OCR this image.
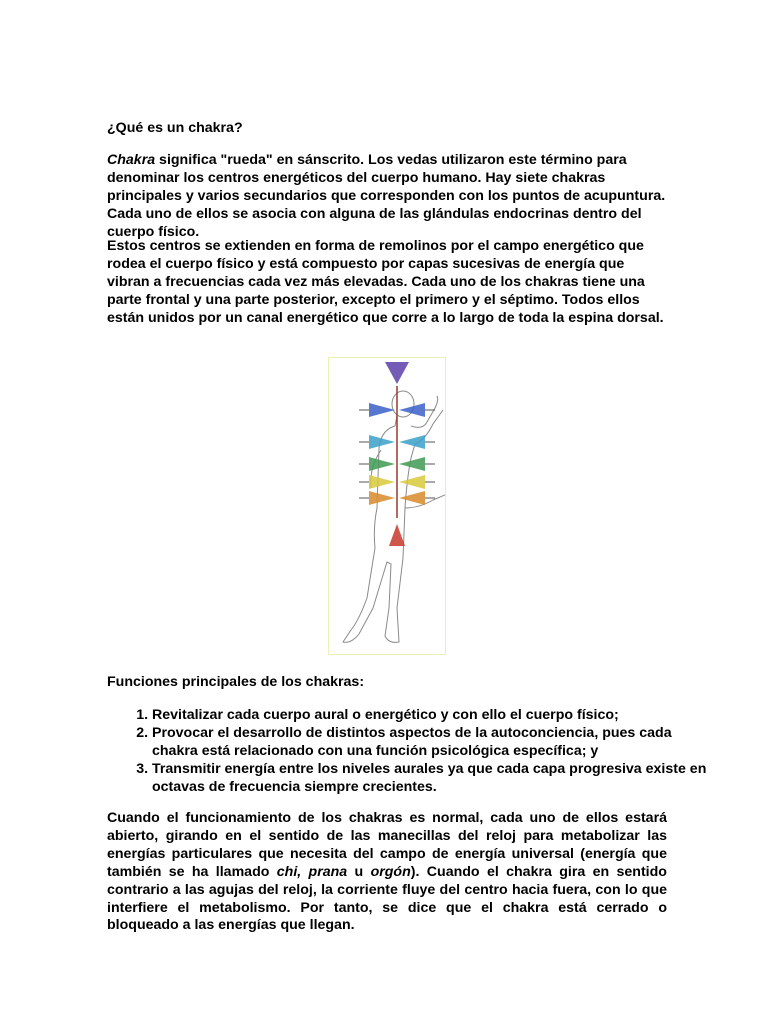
¿Qué es un chakra?
Chakra significa "rueda" en sánscrito. Los vedas utilizaron este término para denominar los centros energéticos del cuerpo humano. Hay siete chakras principales y varios secundarios que corresponden con los puntos de acupuntura. Cada uno de ellos se asocia con alguna de las glándulas endocrinas dentro del cuerpo físico.
Estos centros se extienden en forma de remolinos por el campo energético que rodea el cuerpo físico y está compuesto por capas sucesivas de energía que vibran a frecuencias cada vez más elevadas. Cada uno de los chakras tiene una parte frontal y una parte posterior, excepto el primero y el séptimo. Todos ellos están unidos por un canal energético que corre a lo largo de toda la espina dorsal.
Funciones principales de los chakras:
1. Revitalizar cada cuerpo aural o energético y con ello el cuerpo físico;
2. Provocar el desarrollo de distintos aspectos de la autoconciencia, pues cada chakra está relacionado con una función psicológica específica; y
3. Transmitir energía entre los niveles aurales ya que cada capa progresiva existe en octavas de frecuencia siempre crecientes.
Cuando el funcionamiento de los chakras es normal, cada uno de ellos estará abierto, girando en el sentido de las manecillas del reloj para metabolizar las energías particulares que necesita del campo de energía universal (energía que también se ha llamado chi, prana u orgón). Cuando el chakra gira en sentido contrario a las agujas del reloj, la corriente fluye del centro hacia fuera, con lo que interfiere el metabolismo. Por tanto, se dice que el chakra está cerrado o bloqueado a las energías que llegan.
